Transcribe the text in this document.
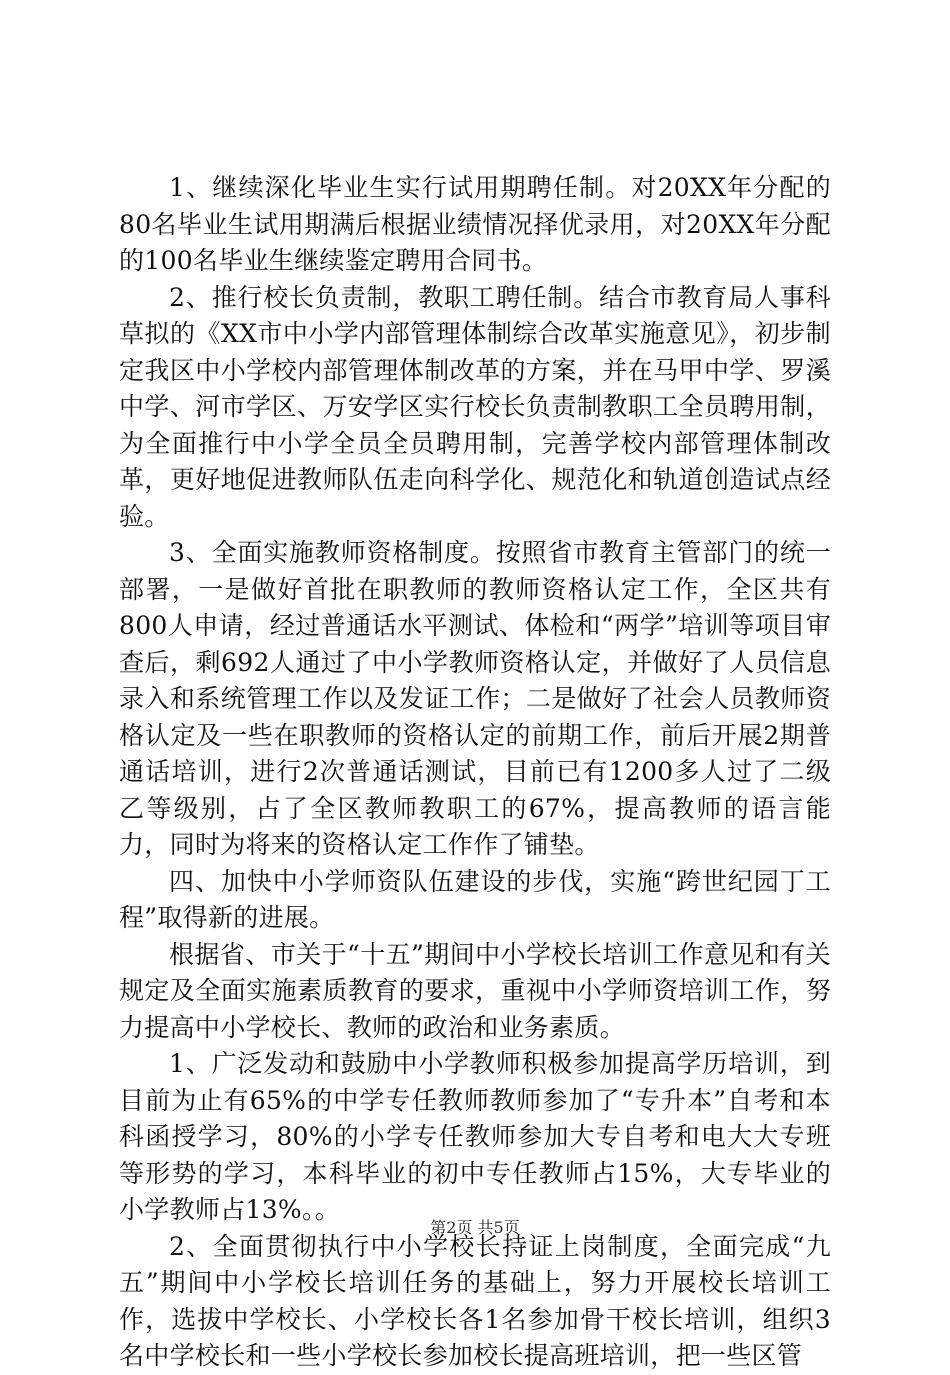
1、继续深化毕业生实行试用期聘任制。对20XX年分配的80名毕业生试用期满后根据业绩情况择优录用，对20XX年分配的100名毕业生继续鉴定聘用合同书。

2、推行校长负责制，教职工聘任制。结合市教育局人事科草拟的《XX市中小学内部管理体制综合改革实施意见》，初步制定我区中小学校内部管理体制改革的方案，并在马甲中学、罗溪中学、河市学区、万安学区实行校长负责制教职工全员聘用制，为全面推行中小学全员全员聘用制，完善学校内部管理体制改革，更好地促进教师队伍走向科学化、规范化和轨道创造试点经验。

3、全面实施教师资格制度。按照省市教育主管部门的统一部署，一是做好首批在职教师的教师资格认定工作，全区共有800人申请，经过普通话水平测试、体检和“两学”培训等项目审查后，剩692人通过了中小学教师资格认定，并做好了人员信息录入和系统管理工作以及发证工作；二是做好了社会人员教师资格认定及一些在职教师的资格认定的前期工作，前后开展2期普通话培训，进行2次普通话测试，目前已有1200多人过了二级乙等级别，占了全区教师教职工的67%，提高教师的语言能力，同时为将来的资格认定工作作了铺垫。

四、加快中小学师资队伍建设的步伐，实施“跨世纪园丁工程”取得新的进展。

根据省、市关于“十五”期间中小学校长培训工作意见和有关规定及全面实施素质教育的要求，重视中小学师资培训工作，努力提高中小学校长、教师的政治和业务素质。

1、广泛发动和鼓励中小学教师积极参加提高学历培训，到目前为止有65%的中学专任教师教师参加了“专升本”自考和本科函授学习，80%的小学专任教师参加大专自考和电大大专班等形势的学习，本科毕业的初中专任教师占15%，大专毕业的小学教师占13%。。

2、全面贯彻执行中小学校长持证上岗制度，全面完成“九五”期间中小学校长培训任务的基础上，努力开展校长培训工作，选拔中学校长、小学校长各1名参加骨干校长培训，组织3名中学校长和一些小学校长参加校长提高班培训，把一些区管

第2页 共5页
